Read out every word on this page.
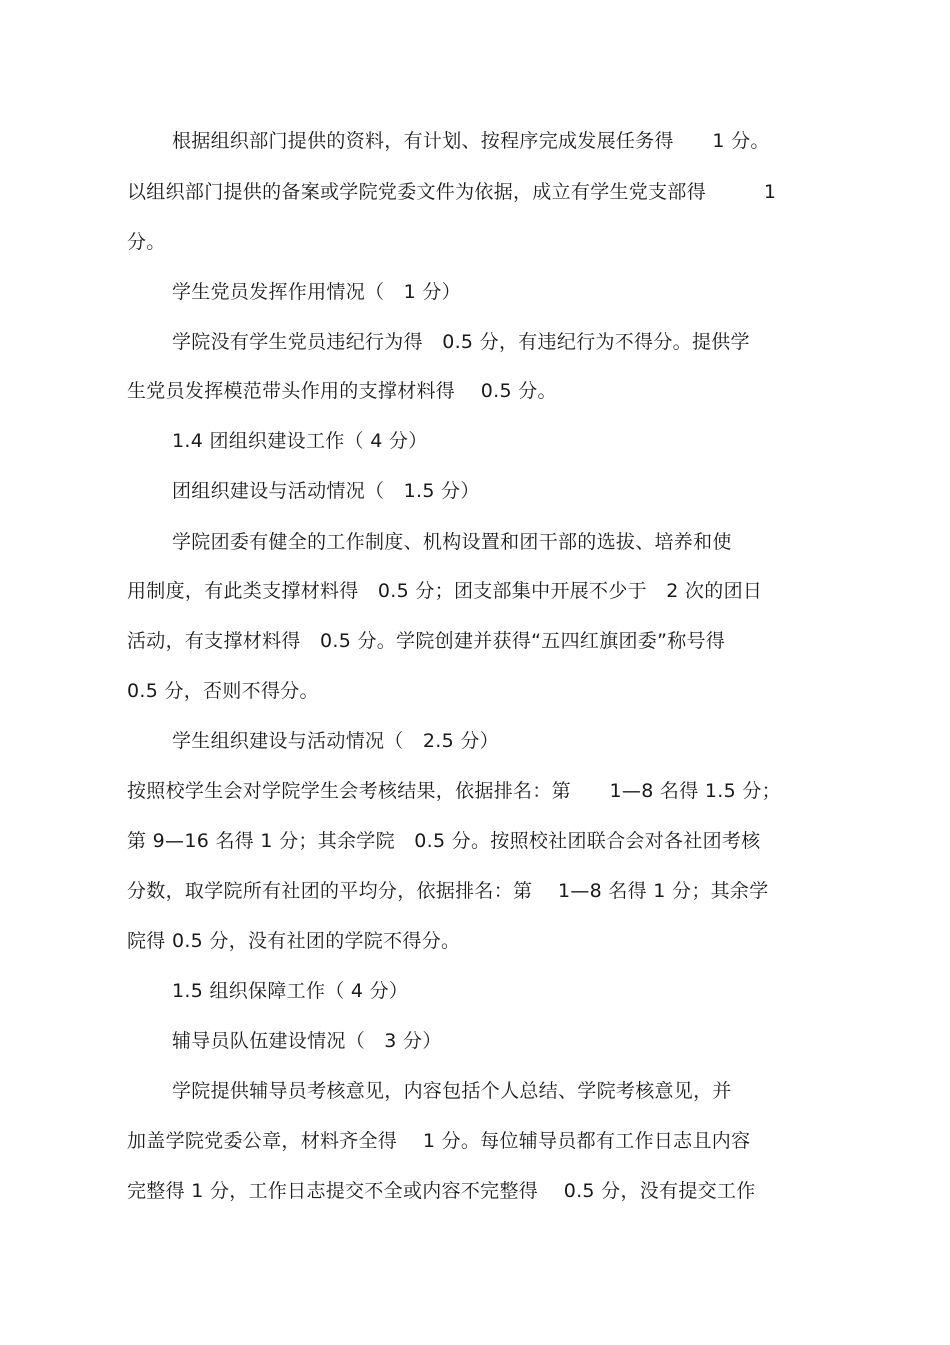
根据组织部门提供的资料，有计划、按程序完成发展任务得　　1 分。
以组织部门提供的备案或学院党委文件为依据，成立有学生党支部得　　　1
分。
学生党员发挥作用情况（　1 分）
学院没有学生党员违纪行为得　0.5 分，有违纪行为不得分。提供学
生党员发挥模范带头作用的支撑材料得　 0.5 分。
1.4 团组织建设工作（ 4 分）
团组织建设与活动情况（　1.5 分）
学院团委有健全的工作制度、机构设置和团干部的选拔、培养和使
用制度，有此类支撑材料得　0.5 分；团支部集中开展不少于　2 次的团日
活动，有支撑材料得　0.5 分。学院创建并获得“五四红旗团委”称号得
0.5 分，否则不得分。
学生组织建设与活动情况（　2.5 分）
按照校学生会对学院学生会考核结果，依据排名：第　　1—8 名得 1.5 分；
第 9—16 名得 1 分；其余学院　0.5 分。按照校社团联合会对各社团考核
分数，取学院所有社团的平均分，依据排名：第　 1—8 名得 1 分；其余学
院得 0.5 分，没有社团的学院不得分。
1.5 组织保障工作（ 4 分）
辅导员队伍建设情况（　3 分）
学院提供辅导员考核意见，内容包括个人总结、学院考核意见，并
加盖学院党委公章，材料齐全得　 1 分。每位辅导员都有工作日志且内容
完整得 1 分，工作日志提交不全或内容不完整得　 0.5 分，没有提交工作
